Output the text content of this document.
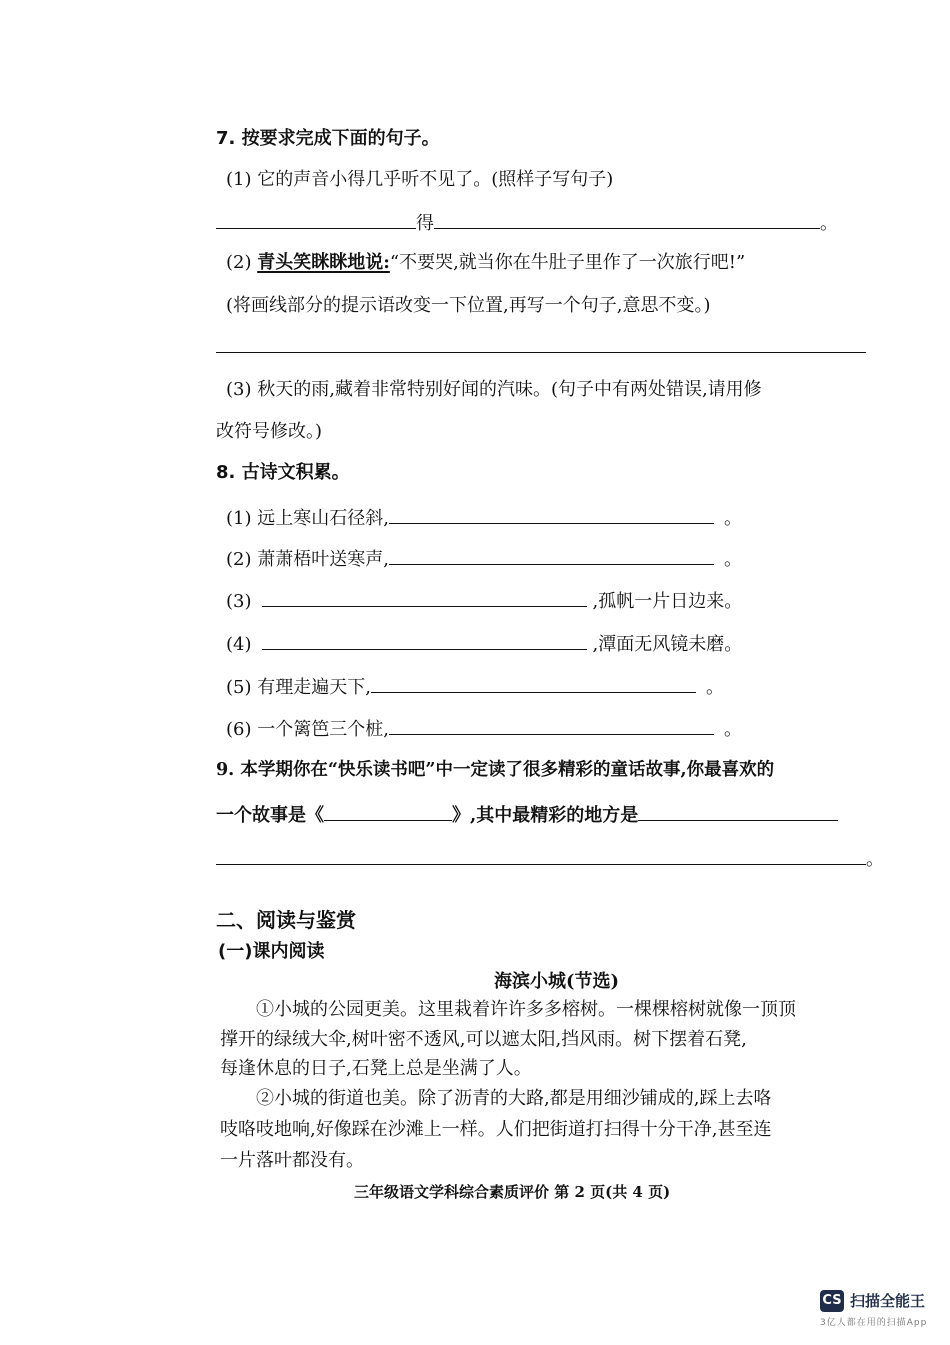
7. 按要求完成下面的句子。
(1) 它的声音小得几乎听不见了。(照样子写句子)
得	。
(2) 青头笑眯眯地说:“不要哭,就当你在牛肚子里作了一次旅行吧!”
(将画线部分的提示语改变一下位置,再写一个句子,意思不变。)
(3) 秋天的雨,藏着非常特别好闻的汽味。(句子中有两处错误,请用修
改符号修改。)
8. 古诗文积累。
(1) 远上寒山石径斜,	。
(2) 萧萧梧叶送寒声,	。
(3)	,孤帆一片日边来。
(4)	,潭面无风镜未磨。
(5) 有理走遍天下,	。
(6) 一个篱笆三个桩,	。
9. 本学期你在“快乐读书吧”中一定读了很多精彩的童话故事,你最喜欢的
一个故事是《	》,其中最精彩的地方是
。
二、阅读与鉴赏
(一)课内阅读
海滨小城(节选)
①小城的公园更美。这里栽着许许多多榕树。一棵棵榕树就像一顶顶
撑开的绿绒大伞,树叶密不透风,可以遮太阳,挡风雨。树下摆着石凳,
每逢休息的日子,石凳上总是坐满了人。
②小城的街道也美。除了沥青的大路,都是用细沙铺成的,踩上去咯
吱咯吱地响,好像踩在沙滩上一样。人们把街道打扫得十分干净,甚至连
一片落叶都没有。
三年级语文学科综合素质评价 第 2 页(共 4 页)
CS 扫描全能王
3亿人都在用的扫描App
